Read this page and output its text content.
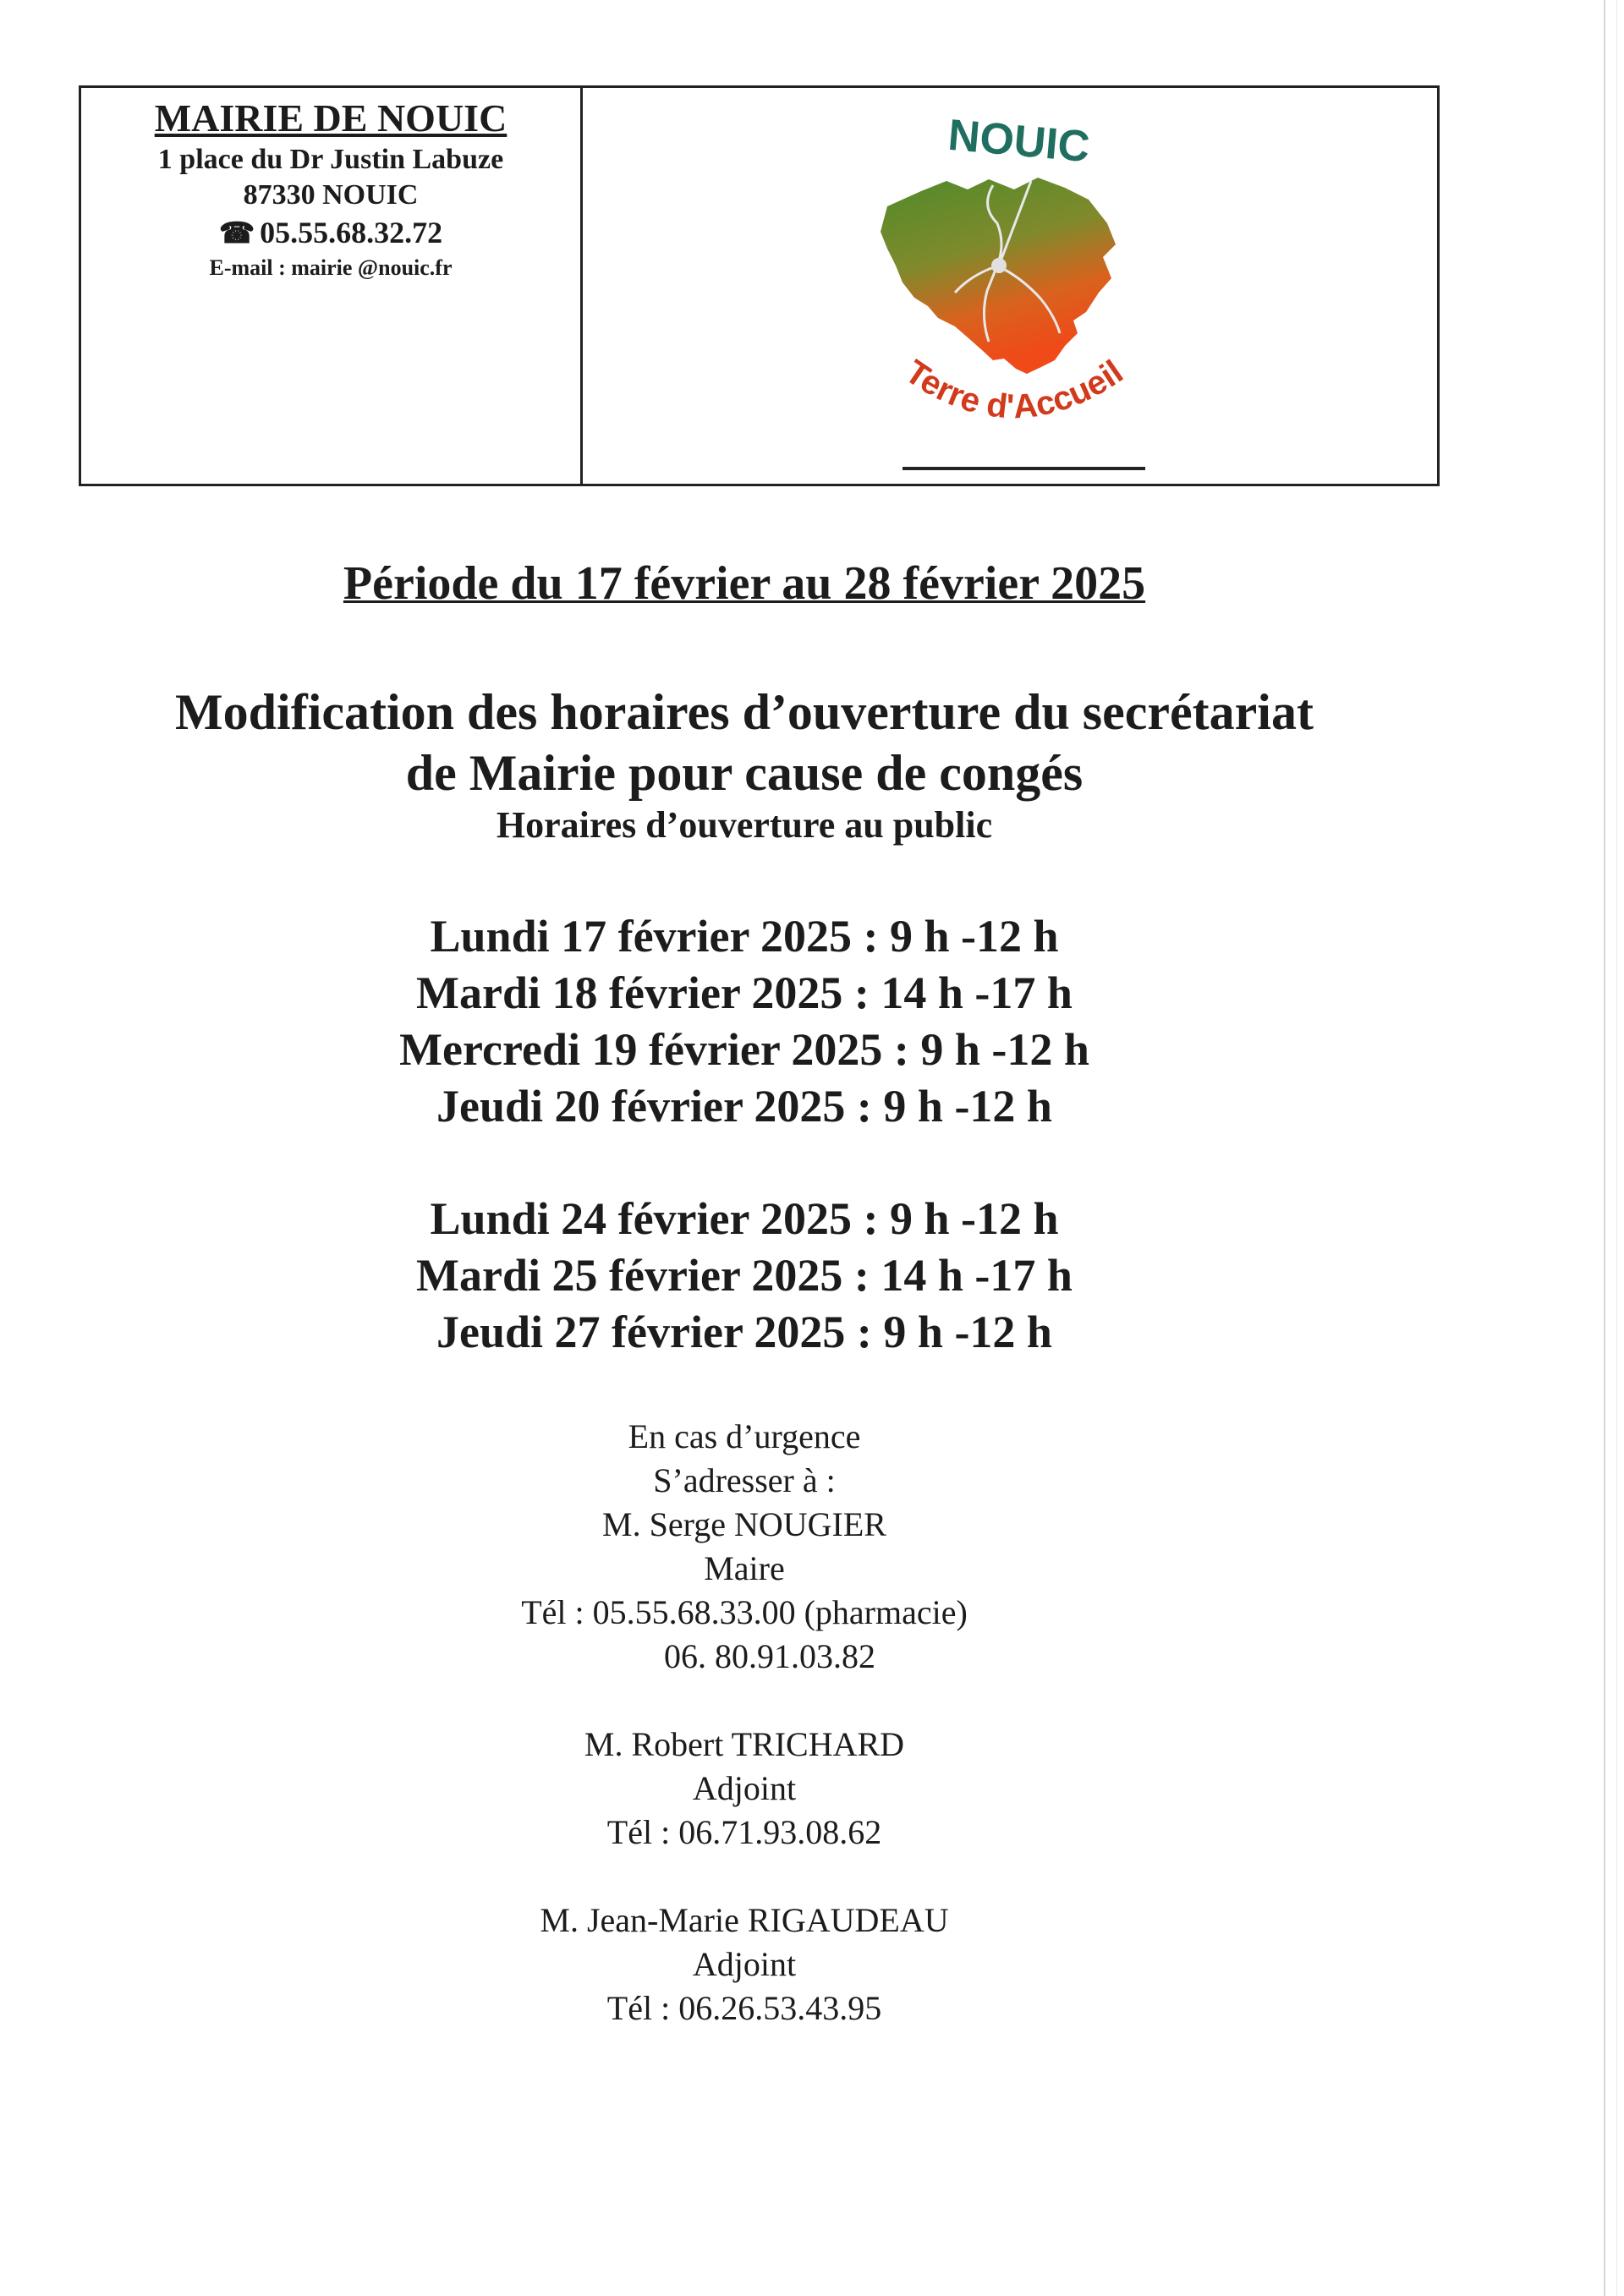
MAIRIE DE NOUIC
1 place du Dr Justin Labuze
87330 NOUIC
☎ 05.55.68.32.72
E-mail : mairie @nouic.fr
NOUIC
Terre d'Accueil
Période du 17 février au 28 février 2025
Modification des horaires d’ouverture du secrétariat
de Mairie pour cause de congés
Horaires d’ouverture au public
Lundi 17 février 2025 : 9 h -12 h
Mardi 18 février 2025 : 14 h -17 h
Mercredi 19 février 2025 : 9 h -12 h
Jeudi 20 février 2025 : 9 h -12 h
Lundi 24 février 2025 : 9 h -12 h
Mardi 25 février 2025 : 14 h -17 h
Jeudi 27 février 2025 : 9 h -12 h
En cas d’urgence
S’adresser à :
M. Serge NOUGIER
Maire
Tél : 05.55.68.33.00 (pharmacie)
06. 80.91.03.82
M. Robert TRICHARD
Adjoint
Tél : 06.71.93.08.62
M. Jean-Marie RIGAUDEAU
Adjoint
Tél : 06.26.53.43.95
